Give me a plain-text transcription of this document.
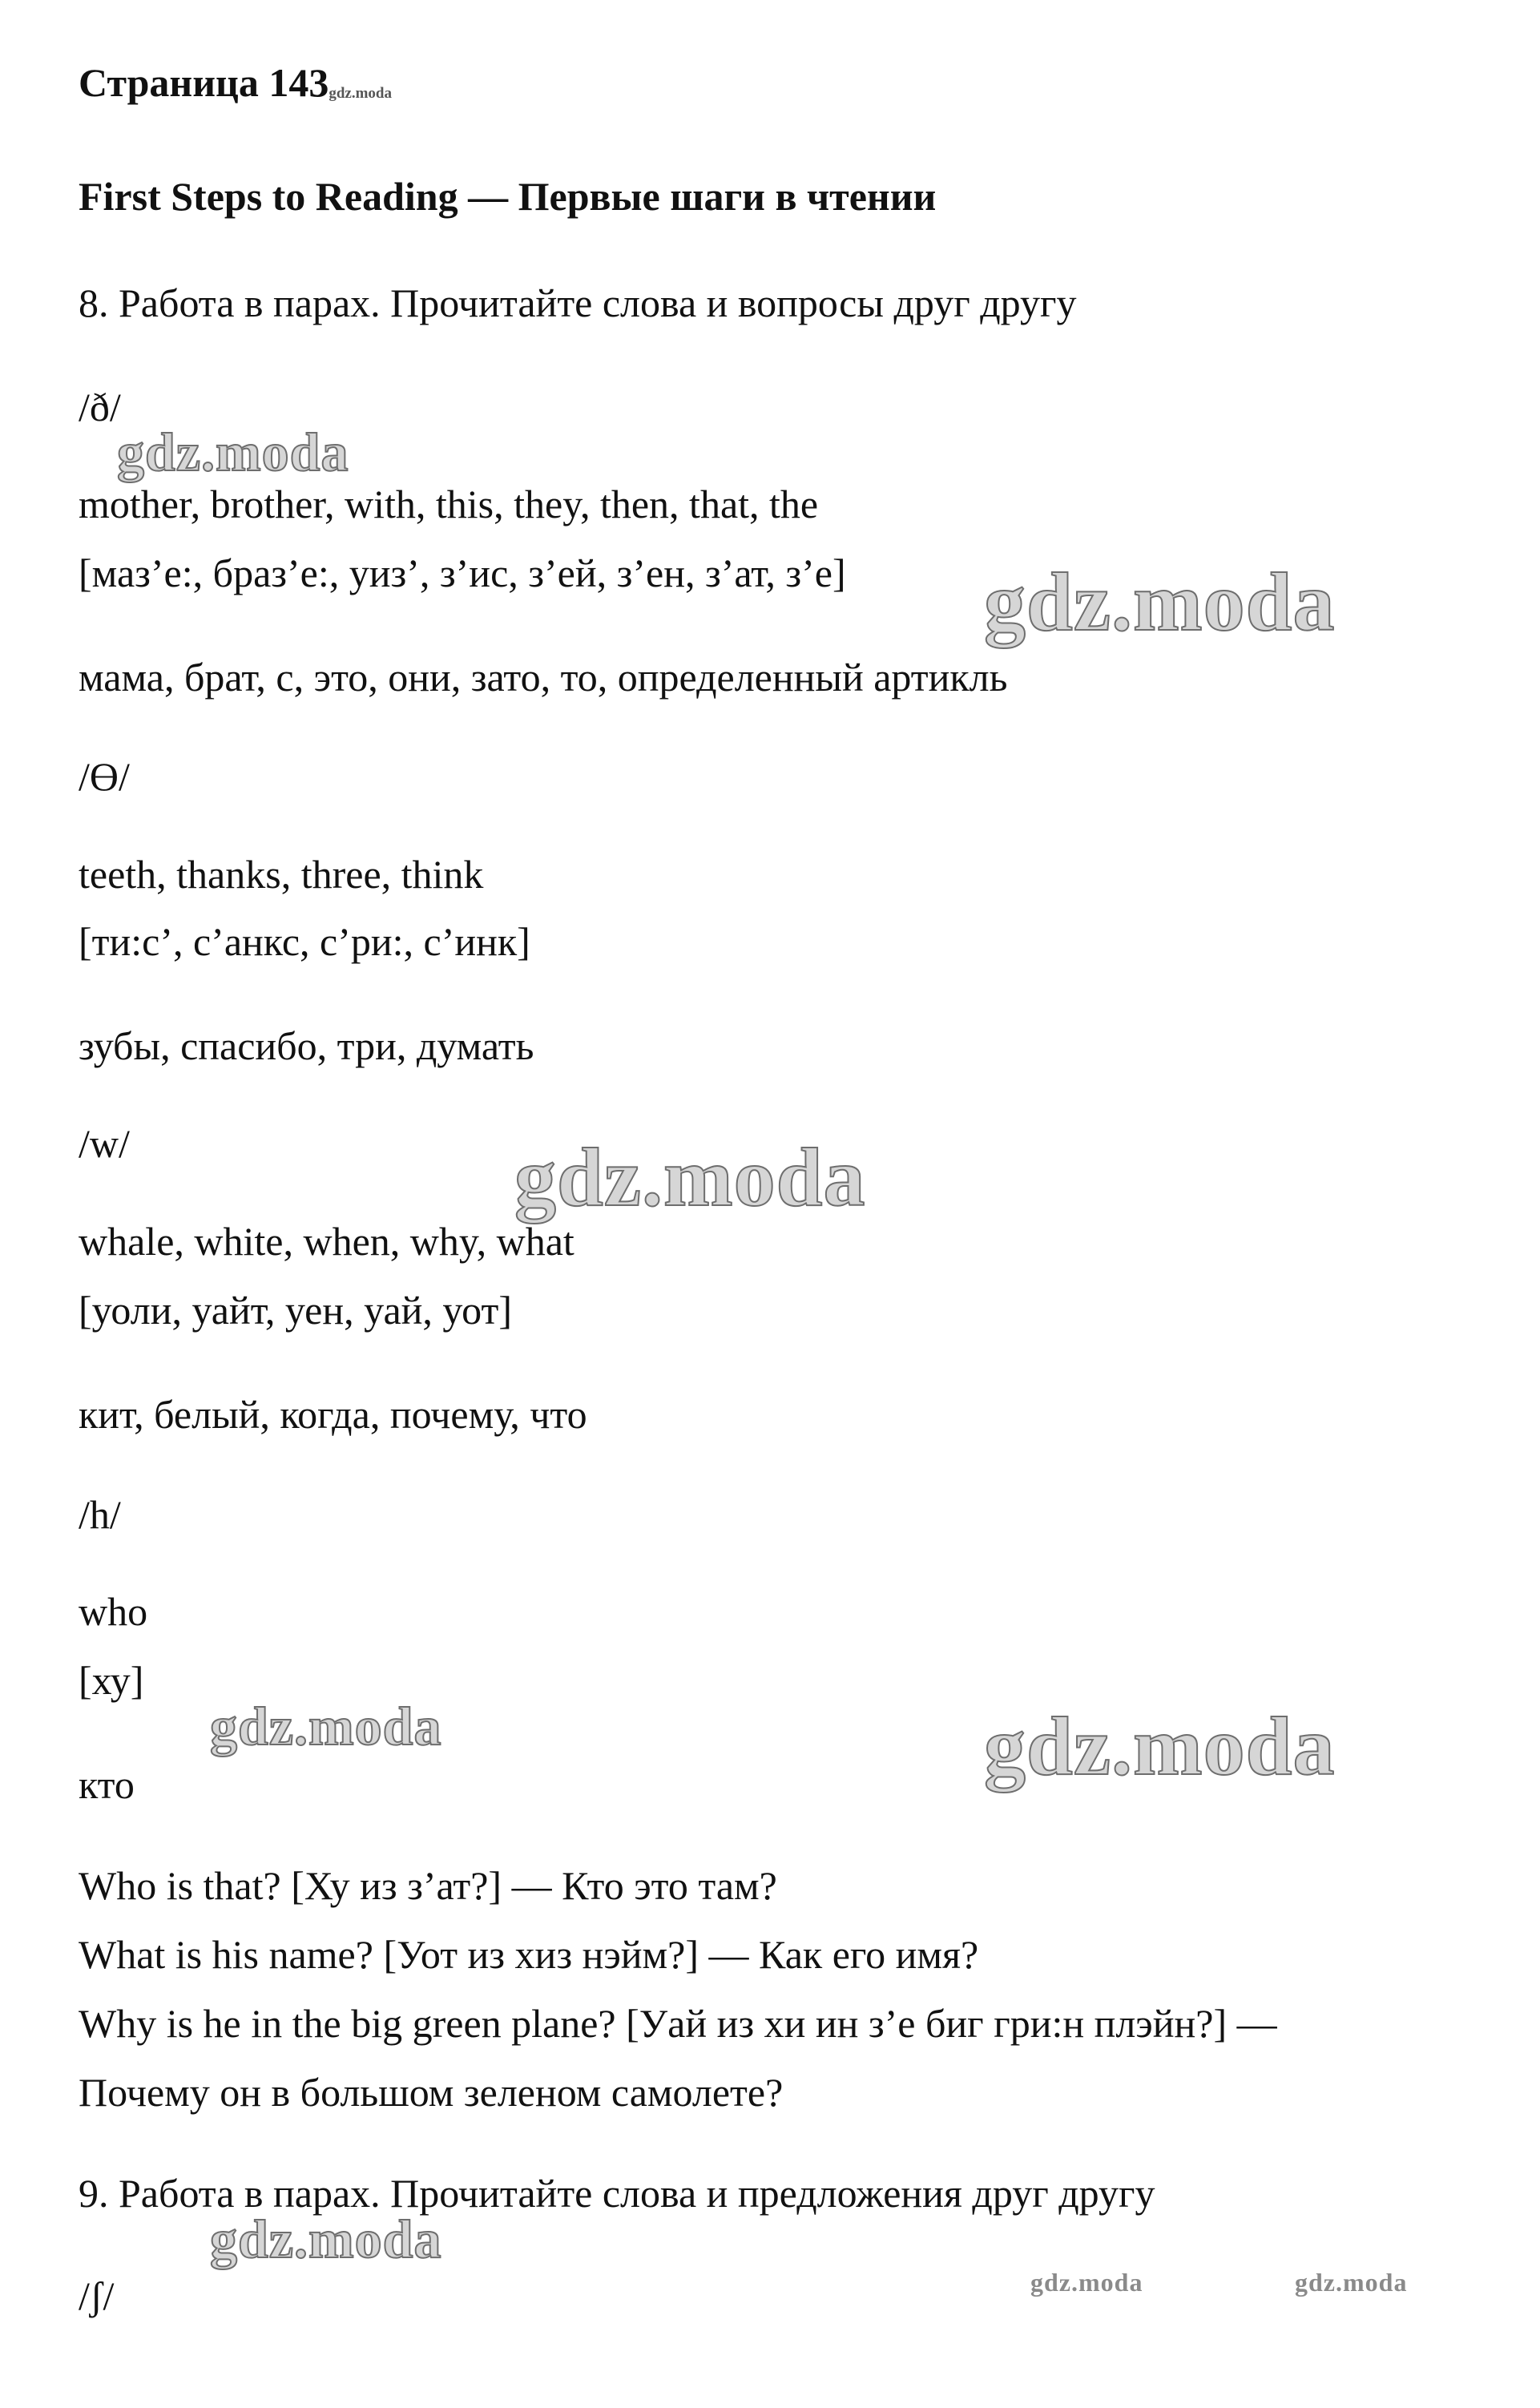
Страница 143gdz.moda
First Steps to Reading — Первые шаги в чтении
8. Работа в парах. Прочитайте слова и вопросы друг другу
/ð/
mother, brother, with, this, they, then, that, the
[маз’е:, браз’е:, уиз’, з’ис, з’ей, з’ен, з’ат, з’е]
мама, брат, с, это, они, зато, то, определенный артикль
/Ө/
teeth, thanks, three, think
[ти:с’, с’анкс, с’ри:, с’инк]
зубы, спасибо, три, думать
/w/
whale, white, when, why, what
[уоли, уайт, уен, уай, уот]
кит, белый, когда, почему, что
/h/
who
[ху]
кто
Who is that? [Ху из з’ат?] — Кто это там?
What is his name? [Уот из хиз нэйм?] — Как его имя?
Why is he in the big green plane? [Уай из хи ин з’е биг гри:н плэйн?] —
Почему он в большом зеленом самолете?
9. Работа в парах. Прочитайте слова и предложения друг другу
/ʃ/
gdz.moda
gdz.moda
gdz.moda
gdz.moda	gdz.moda
gdz.moda
gdz.moda	gdz.moda
